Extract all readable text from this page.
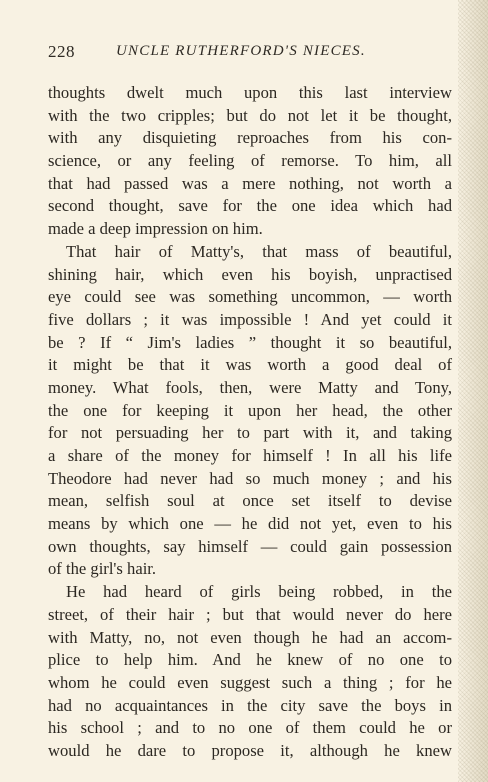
228	UNCLE RUTHERFORD'S NIECES.
thoughts dwelt much upon this last interview
with the two cripples; but do not let it be thought,
with any disquieting reproaches from his con-
science, or any feeling of remorse. To him, all
that had passed was a mere nothing, not worth a
second thought, save for the one idea which had
made a deep impression on him.
That hair of Matty's, that mass of beautiful,
shining hair, which even his boyish, unpractised
eye could see was something uncommon, — worth
five dollars ; it was impossible ! And yet could it
be ? If “ Jim's ladies ” thought it so beautiful,
it might be that it was worth a good deal of
money. What fools, then, were Matty and Tony,
the one for keeping it upon her head, the other
for not persuading her to part with it, and taking
a share of the money for himself ! In all his life
Theodore had never had so much money ; and his
mean, selfish soul at once set itself to devise
means by which one — he did not yet, even to his
own thoughts, say himself — could gain possession
of the girl's hair.
He had heard of girls being robbed, in the
street, of their hair ; but that would never do here
with Matty, no, not even though he had an accom-
plice to help him. And he knew of no one to
whom he could even suggest such a thing ; for he
had no acquaintances in the city save the boys in
his school ; and to no one of them could he or
would he dare to propose it, although he knew
